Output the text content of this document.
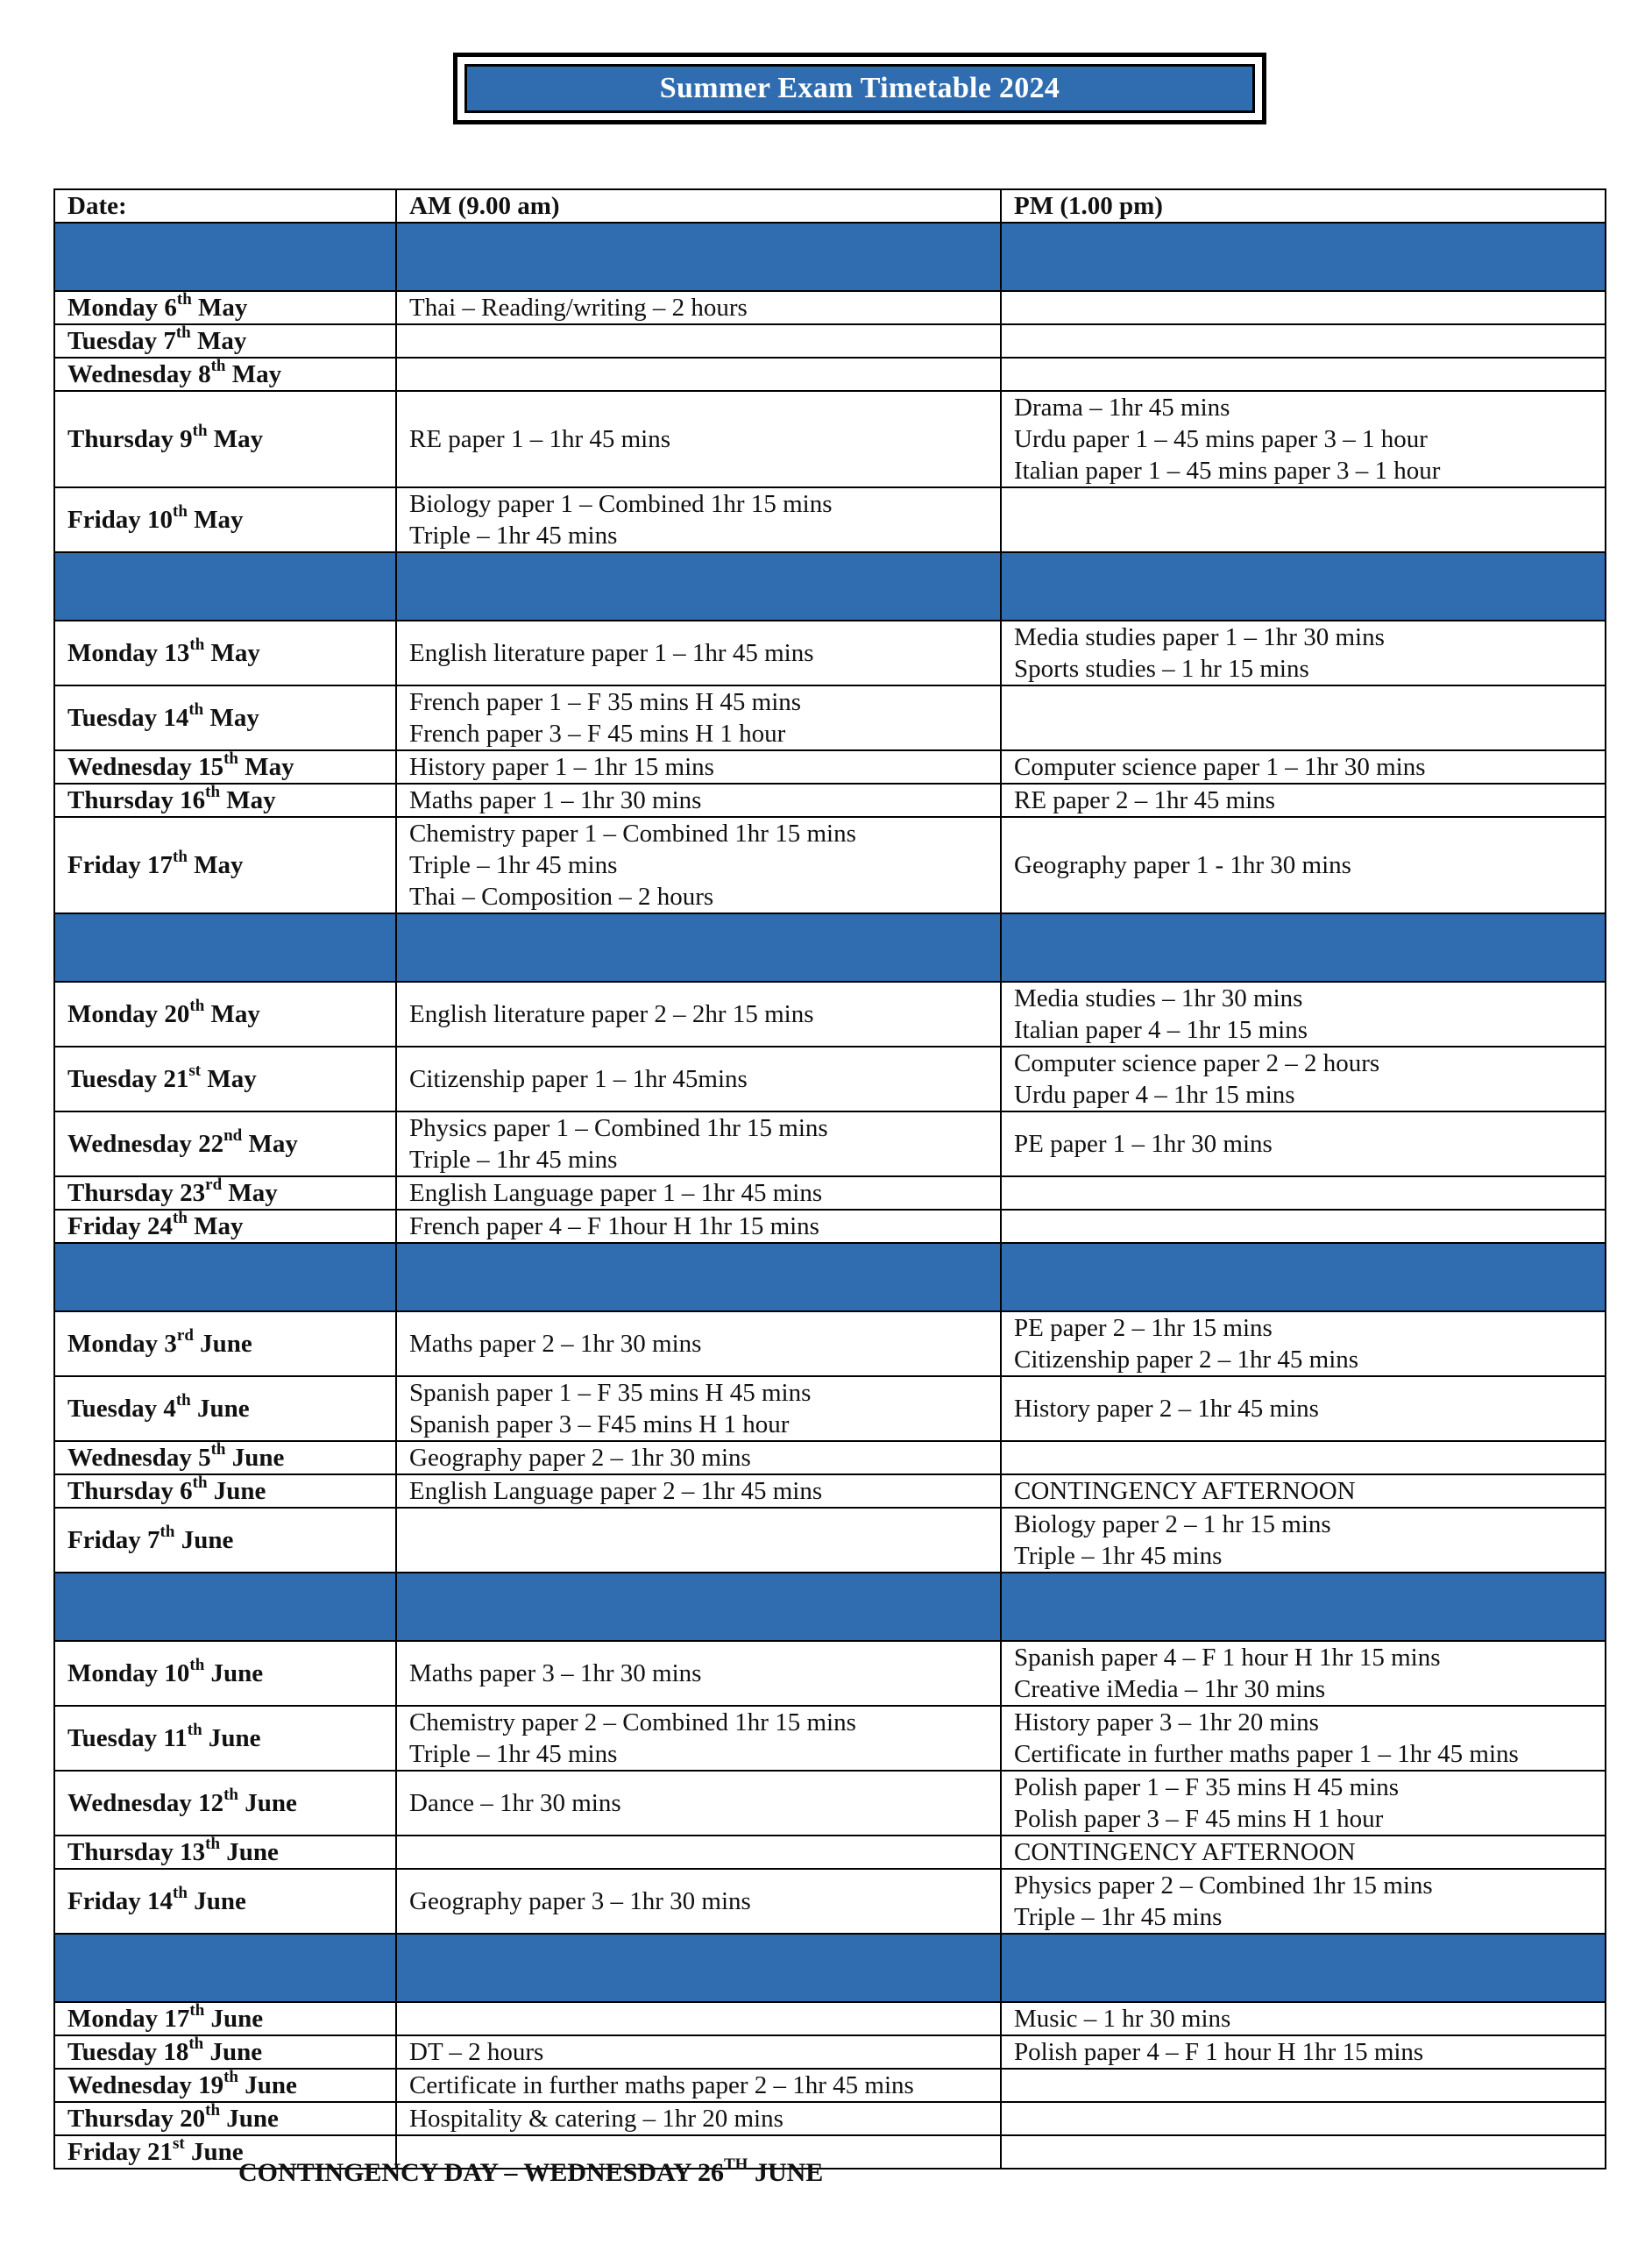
Summer Exam Timetable 2024
Date:	AM (9.00 am)	PM (1.00 pm)

Monday 6th May	Thai – Reading/writing – 2 hours	

Tuesday 7th May		
Wednesday 8th May		
Thursday 9th May	RE paper 1 – 1hr 45 mins	Drama – 1hr 45 mins
Urdu paper 1 – 45 mins paper 3 – 1 hour
Italian paper 1 – 45 mins paper 3 – 1 hour

Friday 10th May	Biology paper 1 – Combined 1hr 15 mins
Triple – 1hr 45 mins	

Monday 13th May	English literature paper 1 – 1hr 45 mins	Media studies paper 1 – 1hr 30 mins
Sports studies – 1 hr 15 mins

Tuesday 14th May	French paper 1 – F 35 mins H 45 mins
French paper 3 – F 45 mins H 1 hour	

Wednesday 15th May	History paper 1 – 1hr 15 mins	Computer science paper 1 – 1hr 30 mins

Thursday 16th May	Maths paper 1 – 1hr 30 mins	RE paper 2 – 1hr 45 mins

Friday 17th May	Chemistry paper 1 – Combined 1hr 15 mins
Triple – 1hr 45 mins
Thai – Composition – 2 hours	Geography paper 1 - 1hr 30 mins

Monday 20th May	English literature paper 2 – 2hr 15 mins	Media studies – 1hr 30 mins
Italian paper 4 – 1hr 15 mins

Tuesday 21st May	Citizenship paper 1 – 1hr 45mins	Computer science paper 2 – 2 hours
Urdu paper 4 – 1hr 15 mins

Wednesday 22nd May	Physics paper 1 – Combined 1hr 15 mins
Triple – 1hr 45 mins	PE paper 1 – 1hr 30 mins

Thursday 23rd May	English Language paper 1 – 1hr 45 mins	

Friday 24th May	French paper 4 – F 1hour H 1hr 15 mins	

Monday 3rd June	Maths paper 2 – 1hr 30 mins	PE paper 2 – 1hr 15 mins
Citizenship paper 2 – 1hr 45 mins

Tuesday 4th June	Spanish paper 1 – F 35 mins H 45 mins
Spanish paper 3 – F45 mins H 1 hour	History paper 2 – 1hr 45 mins

Wednesday 5th June	Geography paper 2 – 1hr 30 mins	

Thursday 6th June	English Language paper 2 – 1hr 45 mins	CONTINGENCY AFTERNOON

Friday 7th June		Biology paper 2 – 1 hr 15 mins
Triple – 1hr 45 mins

Monday 10th June	Maths paper 3 – 1hr 30 mins	Spanish paper 4 – F 1 hour H 1hr 15 mins
Creative iMedia – 1hr 30 mins

Tuesday 11th June	Chemistry paper 2 – Combined 1hr 15 mins
Triple – 1hr 45 mins	History paper 3 – 1hr 20 mins
Certificate in further maths paper 1 – 1hr 45 mins

Wednesday 12th June	Dance – 1hr 30 mins	Polish paper 1 – F 35 mins H 45 mins
Polish paper 3 – F 45 mins H 1 hour

Thursday 13th June		CONTINGENCY AFTERNOON

Friday 14th June	Geography paper 3 – 1hr 30 mins	Physics paper 2 – Combined 1hr 15 mins
Triple – 1hr 45 mins

Monday 17th June		Music – 1 hr 30 mins

Tuesday 18th June	DT – 2 hours	Polish paper 4 – F 1 hour H 1hr 15 mins

Wednesday 19th June	Certificate in further maths paper 2 – 1hr 45 mins	

Thursday 20th June	Hospitality & catering – 1hr 20 mins	

Friday 21st June		
CONTINGENCY DAY – WEDNESDAY 26TH JUNE
